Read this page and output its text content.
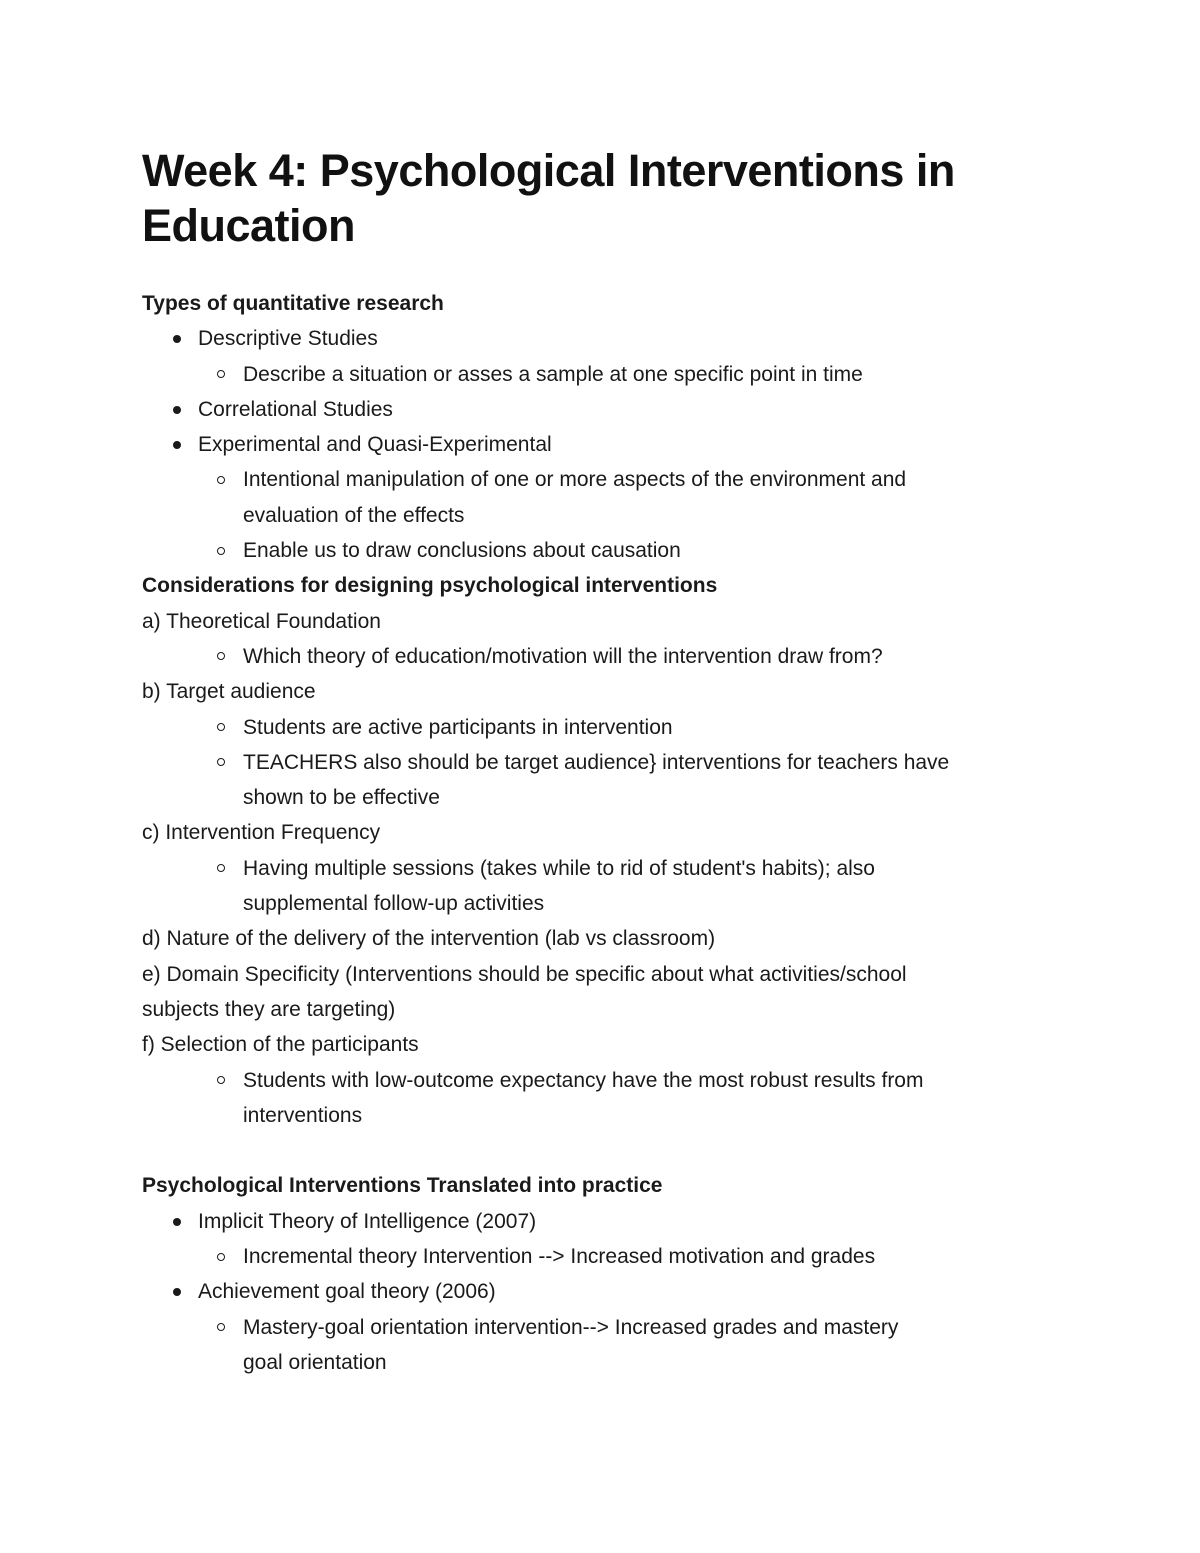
Week 4: Psychological Interventions in Education
Types of quantitative research
Descriptive Studies
Describe a situation or asses a sample at one specific point in time
Correlational Studies
Experimental and Quasi-Experimental
Intentional manipulation of one or more aspects of the environment and
evaluation of the effects
Enable us to draw conclusions about causation
Considerations for designing psychological interventions
a) Theoretical Foundation
Which theory of education/motivation will the intervention draw from?
b) Target audience
Students are active participants in intervention
TEACHERS also should be target audience} interventions for teachers have
shown to be effective
c) Intervention Frequency
Having multiple sessions (takes while to rid of student's habits); also
supplemental follow-up activities
d) Nature of the delivery of the intervention (lab vs classroom)
e) Domain Specificity (Interventions should be specific about what activities/school
subjects they are targeting)
f) Selection of the participants
Students with low-outcome expectancy have the most robust results from
interventions
Psychological Interventions Translated into practice
Implicit Theory of Intelligence (2007)
Incremental theory Intervention --> Increased motivation and grades
Achievement goal theory (2006)
Mastery-goal orientation intervention--> Increased grades and mastery
goal orientation
